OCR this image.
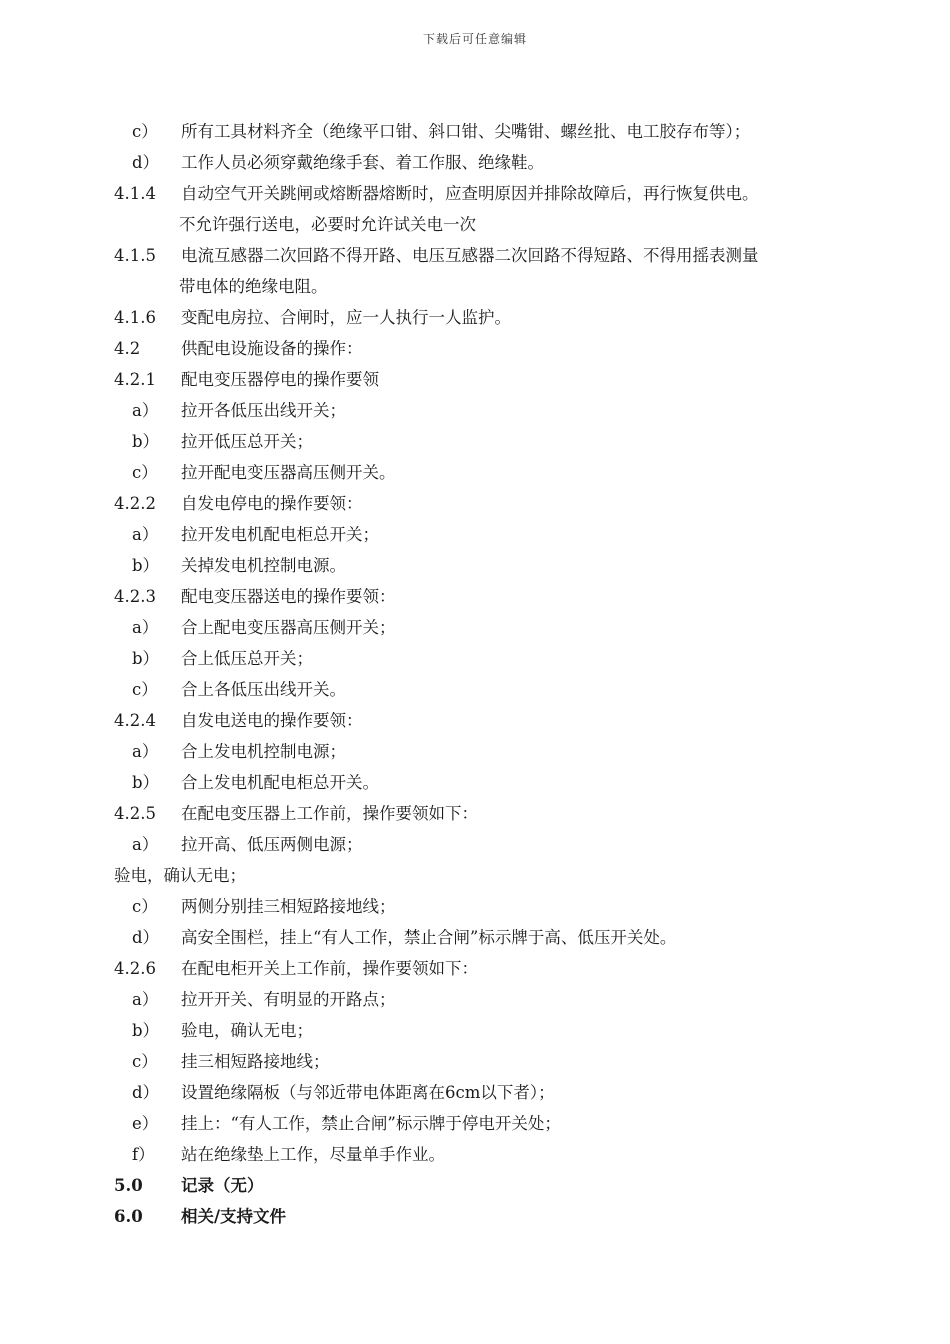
下载后可任意编辑
c） 所有工具材料齐全（绝缘平口钳、斜口钳、尖嘴钳、螺丝批、电工胶存布等）；
d） 工作人员必须穿戴绝缘手套、着工作服、绝缘鞋。
4.1.4 自动空气开关跳闸或熔断器熔断时，应查明原因并排除故障后，再行恢复供电。
不允许强行送电，必要时允许试关电一次
4.1.5 电流互感器二次回路不得开路、电压互感器二次回路不得短路、不得用摇表测量
带电体的绝缘电阻。
4.1.6 变配电房拉、合闸时，应一人执行一人监护。
4.2 供配电设施设备的操作：
4.2.1 配电变压器停电的操作要领
a） 拉开各低压出线开关；
b） 拉开低压总开关；
c） 拉开配电变压器高压侧开关。
4.2.2 自发电停电的操作要领：
a） 拉开发电机配电柜总开关；
b） 关掉发电机控制电源。
4.2.3 配电变压器送电的操作要领：
a） 合上配电变压器高压侧开关；
b） 合上低压总开关；
c） 合上各低压出线开关。
4.2.4 自发电送电的操作要领：
a） 合上发电机控制电源；
b） 合上发电机配电柜总开关。
4.2.5 在配电变压器上工作前，操作要领如下：
a） 拉开高、低压两侧电源；
验电，确认无电；
c） 两侧分别挂三相短路接地线；
d） 高安全围栏，挂上“有人工作，禁止合闸”标示牌于高、低压开关处。
4.2.6 在配电柜开关上工作前，操作要领如下：
a） 拉开开关、有明显的开路点；
b） 验电，确认无电；
c） 挂三相短路接地线；
d） 设置绝缘隔板（与邻近带电体距离在6cm以下者）；
e） 挂上：“有人工作，禁止合闸”标示牌于停电开关处；
f） 站在绝缘垫上工作，尽量单手作业。
5.0 记录（无）
6.0 相关/支持文件
